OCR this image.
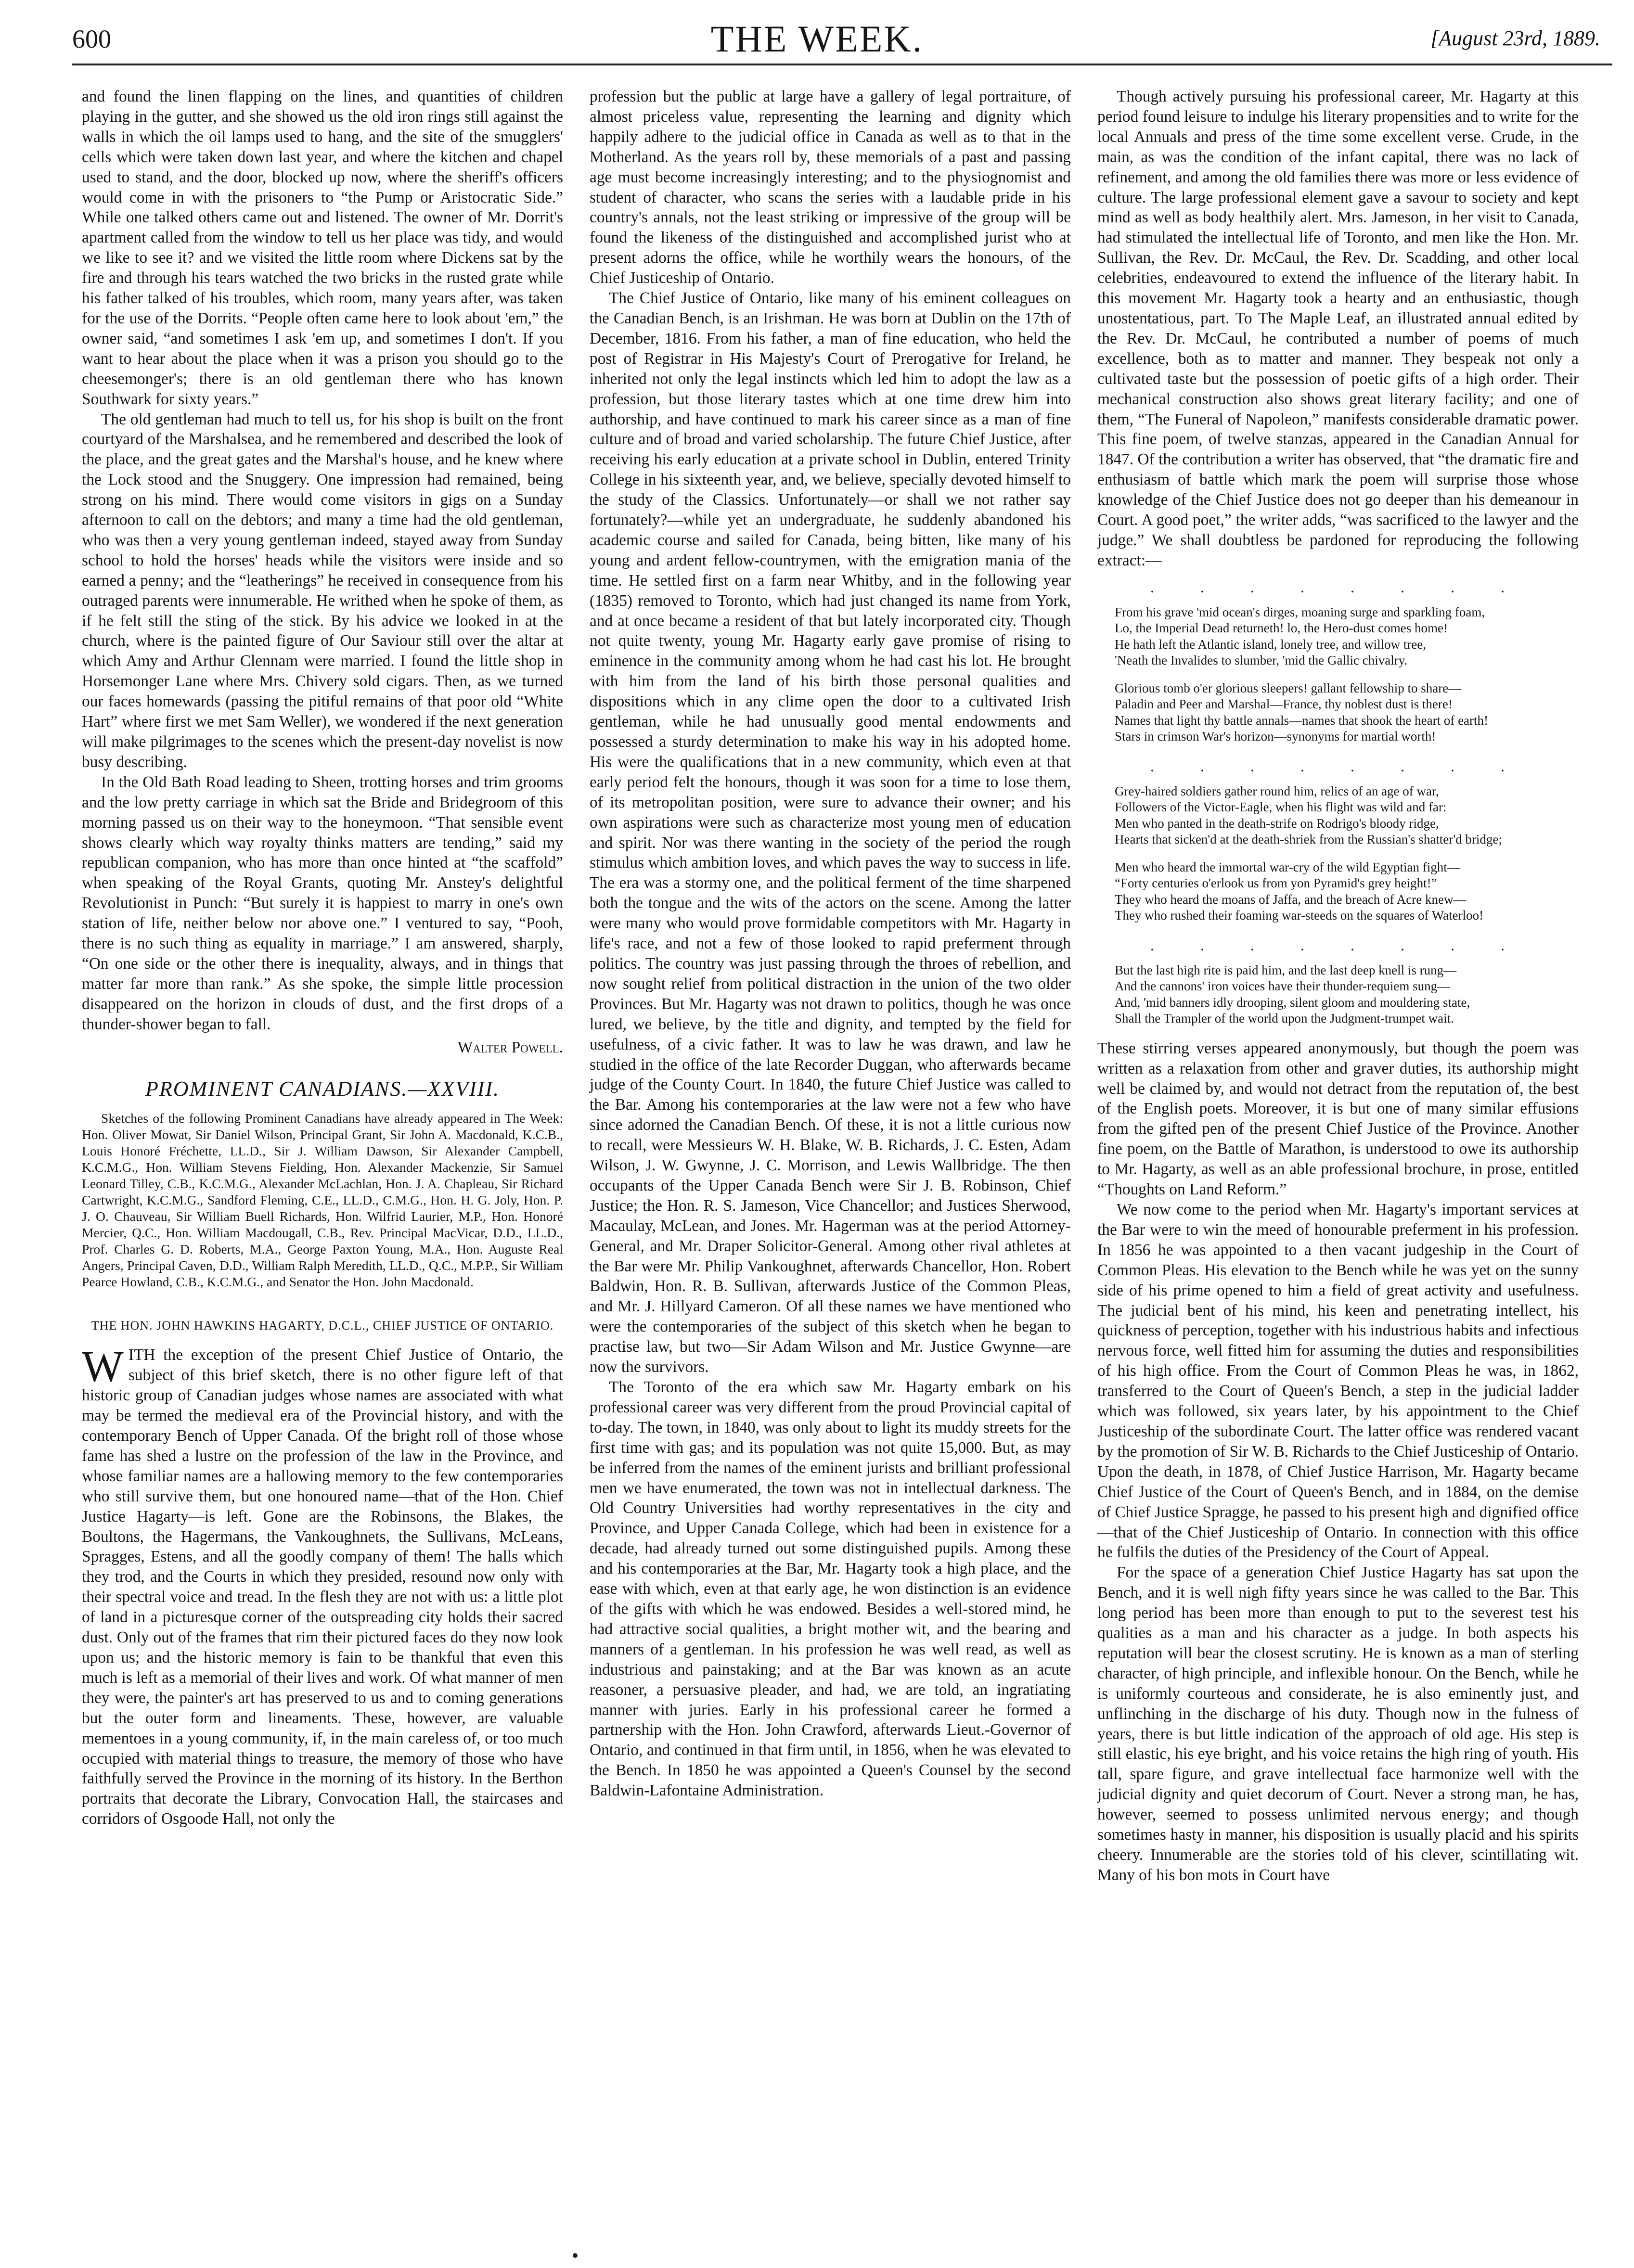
600	THE WEEK.	[August 23rd, 1889.

and found the linen flapping on the lines, and quantities of children playing in the gutter, and she showed us the old iron rings still against the walls in which the oil lamps used to hang, and the site of the smugglers' cells which were taken down last year, and where the kitchen and chapel used to stand, and the door, blocked up now, where the sheriff's officers would come in with the prisoners to “the Pump or Aristocratic Side.” While one talked others came out and listened. The owner of Mr. Dorrit's apartment called from the window to tell us her place was tidy, and would we like to see it? and we visited the little room where Dickens sat by the fire and through his tears watched the two bricks in the rusted grate while his father talked of his troubles, which room, many years after, was taken for the use of the Dorrits. “People often came here to look about 'em,” the owner said, “and sometimes I ask 'em up, and sometimes I don't. If you want to hear about the place when it was a prison you should go to the cheesemonger's; there is an old gentleman there who has known Southwark for sixty years.”

The old gentleman had much to tell us, for his shop is built on the front courtyard of the Marshalsea, and he remembered and described the look of the place, and the great gates and the Marshal's house, and he knew where the Lock stood and the Snuggery. One impression had remained, being strong on his mind. There would come visitors in gigs on a Sunday afternoon to call on the debtors; and many a time had the old gentleman, who was then a very young gentleman indeed, stayed away from Sunday school to hold the horses' heads while the visitors were inside and so earned a penny; and the “leatherings” he received in consequence from his outraged parents were innumerable. He writhed when he spoke of them, as if he felt still the sting of the stick. By his advice we looked in at the church, where is the painted figure of Our Saviour still over the altar at which Amy and Arthur Clennam were married. I found the little shop in Horsemonger Lane where Mrs. Chivery sold cigars. Then, as we turned our faces homewards (passing the pitiful remains of that poor old “White Hart” where first we met Sam Weller), we wondered if the next generation will make pilgrimages to the scenes which the present-day novelist is now busy describing.

In the Old Bath Road leading to Sheen, trotting horses and trim grooms and the low pretty carriage in which sat the Bride and Bridegroom of this morning passed us on their way to the honeymoon. “That sensible event shows clearly which way royalty thinks matters are tending,” said my republican companion, who has more than once hinted at “the scaffold” when speaking of the Royal Grants, quoting Mr. Anstey's delightful Revolutionist in Punch: “But surely it is happiest to marry in one's own station of life, neither below nor above one.” I ventured to say, “Pooh, there is no such thing as equality in marriage.” I am answered, sharply, “On one side or the other there is inequality, always, and in things that matter far more than rank.” As she spoke, the simple little procession disappeared on the horizon in clouds of dust, and the first drops of a thunder-shower began to fall.

Walter Powell.

PROMINENT CANADIANS.—XXVIII.

Sketches of the following Prominent Canadians have already appeared in The Week: Hon. Oliver Mowat, Sir Daniel Wilson, Principal Grant, Sir John A. Macdonald, K.C.B., Louis Honoré Fréchette, LL.D., Sir J. William Dawson, Sir Alexander Campbell, K.C.M.G., Hon. William Stevens Fielding, Hon. Alexander Mackenzie, Sir Samuel Leonard Tilley, C.B., K.C.M.G., Alexander McLachlan, Hon. J. A. Chapleau, Sir Richard Cartwright, K.C.M.G., Sandford Fleming, C.E., LL.D., C.M.G., Hon. H. G. Joly, Hon. P. J. O. Chauveau, Sir William Buell Richards, Hon. Wilfrid Laurier, M.P., Hon. Honoré Mercier, Q.C., Hon. William Macdougall, C.B., Rev. Principal MacVicar, D.D., LL.D., Prof. Charles G. D. Roberts, M.A., George Paxton Young, M.A., Hon. Auguste Real Angers, Principal Caven, D.D., William Ralph Meredith, LL.D., Q.C., M.P.P., Sir William Pearce Howland, C.B., K.C.M.G., and Senator the Hon. John Macdonald.

THE HON. JOHN HAWKINS HAGARTY, D.C.L., CHIEF JUSTICE OF ONTARIO.

WITH the exception of the present Chief Justice of Ontario, the subject of this brief sketch, there is no other figure left of that historic group of Canadian judges whose names are associated with what may be termed the medieval era of the Provincial history, and with the contemporary Bench of Upper Canada. Of the bright roll of those whose fame has shed a lustre on the profession of the law in the Province, and whose familiar names are a hallowing memory to the few contemporaries who still survive them, but one honoured name—that of the Hon. Chief Justice Hagarty—is left. Gone are the Robinsons, the Blakes, the Boultons, the Hagermans, the Vankoughnets, the Sullivans, McLeans, Spragges, Estens, and all the goodly company of them! The halls which they trod, and the Courts in which they presided, resound now only with their spectral voice and tread. In the flesh they are not with us: a little plot of land in a picturesque corner of the outspreading city holds their sacred dust. Only out of the frames that rim their pictured faces do they now look upon us; and the historic memory is fain to be thankful that even this much is left as a memorial of their lives and work. Of what manner of men they were, the painter's art has preserved to us and to coming generations but the outer form and lineaments. These, however, are valuable mementoes in a young community, if, in the main careless of, or too much occupied with material things to treasure, the memory of those who have faithfully served the Province in the morning of its history. In the Berthon portraits that decorate the Library, Convocation Hall, the staircases and corridors of Osgoode Hall, not only the

profession but the public at large have a gallery of legal portraiture, of almost priceless value, representing the learning and dignity which happily adhere to the judicial office in Canada as well as to that in the Motherland. As the years roll by, these memorials of a past and passing age must become increasingly interesting; and to the physiognomist and student of character, who scans the series with a laudable pride in his country's annals, not the least striking or impressive of the group will be found the likeness of the distinguished and accomplished jurist who at present adorns the office, while he worthily wears the honours, of the Chief Justiceship of Ontario.

The Chief Justice of Ontario, like many of his eminent colleagues on the Canadian Bench, is an Irishman. He was born at Dublin on the 17th of December, 1816. From his father, a man of fine education, who held the post of Registrar in His Majesty's Court of Prerogative for Ireland, he inherited not only the legal instincts which led him to adopt the law as a profession, but those literary tastes which at one time drew him into authorship, and have continued to mark his career since as a man of fine culture and of broad and varied scholarship. The future Chief Justice, after receiving his early education at a private school in Dublin, entered Trinity College in his sixteenth year, and, we believe, specially devoted himself to the study of the Classics. Unfortunately—or shall we not rather say fortunately?—while yet an undergraduate, he suddenly abandoned his academic course and sailed for Canada, being bitten, like many of his young and ardent fellow-countrymen, with the emigration mania of the time. He settled first on a farm near Whitby, and in the following year (1835) removed to Toronto, which had just changed its name from York, and at once became a resident of that but lately incorporated city. Though not quite twenty, young Mr. Hagarty early gave promise of rising to eminence in the community among whom he had cast his lot. He brought with him from the land of his birth those personal qualities and dispositions which in any clime open the door to a cultivated Irish gentleman, while he had unusually good mental endowments and possessed a sturdy determination to make his way in his adopted home. His were the qualifications that in a new community, which even at that early period felt the honours, though it was soon for a time to lose them, of its metropolitan position, were sure to advance their owner; and his own aspirations were such as characterize most young men of education and spirit. Nor was there wanting in the society of the period the rough stimulus which ambition loves, and which paves the way to success in life. The era was a stormy one, and the political ferment of the time sharpened both the tongue and the wits of the actors on the scene. Among the latter were many who would prove formidable competitors with Mr. Hagarty in life's race, and not a few of those looked to rapid preferment through politics. The country was just passing through the throes of rebellion, and now sought relief from political distraction in the union of the two older Provinces. But Mr. Hagarty was not drawn to politics, though he was once lured, we believe, by the title and dignity, and tempted by the field for usefulness, of a civic father. It was to law he was drawn, and law he studied in the office of the late Recorder Duggan, who afterwards became judge of the County Court. In 1840, the future Chief Justice was called to the Bar. Among his contemporaries at the law were not a few who have since adorned the Canadian Bench. Of these, it is not a little curious now to recall, were Messieurs W. H. Blake, W. B. Richards, J. C. Esten, Adam Wilson, J. W. Gwynne, J. C. Morrison, and Lewis Wallbridge. The then occupants of the Upper Canada Bench were Sir J. B. Robinson, Chief Justice; the Hon. R. S. Jameson, Vice Chancellor; and Justices Sherwood, Macaulay, McLean, and Jones. Mr. Hagerman was at the period Attorney-General, and Mr. Draper Solicitor-General. Among other rival athletes at the Bar were Mr. Philip Vankoughnet, afterwards Chancellor, Hon. Robert Baldwin, Hon. R. B. Sullivan, afterwards Justice of the Common Pleas, and Mr. J. Hillyard Cameron. Of all these names we have mentioned who were the contemporaries of the subject of this sketch when he began to practise law, but two—Sir Adam Wilson and Mr. Justice Gwynne—are now the survivors.

The Toronto of the era which saw Mr. Hagarty embark on his professional career was very different from the proud Provincial capital of to-day. The town, in 1840, was only about to light its muddy streets for the first time with gas; and its population was not quite 15,000. But, as may be inferred from the names of the eminent jurists and brilliant professional men we have enumerated, the town was not in intellectual darkness. The Old Country Universities had worthy representatives in the city and Province, and Upper Canada College, which had been in existence for a decade, had already turned out some distinguished pupils. Among these and his contemporaries at the Bar, Mr. Hagarty took a high place, and the ease with which, even at that early age, he won distinction is an evidence of the gifts with which he was endowed. Besides a well-stored mind, he had attractive social qualities, a bright mother wit, and the bearing and manners of a gentleman. In his profession he was well read, as well as industrious and painstaking; and at the Bar was known as an acute reasoner, a persuasive pleader, and had, we are told, an ingratiating manner with juries. Early in his professional career he formed a partnership with the Hon. John Crawford, afterwards Lieut.-Governor of Ontario, and continued in that firm until, in 1856, when he was elevated to the Bench. In 1850 he was appointed a Queen's Counsel by the second Baldwin-Lafontaine Administration.

Though actively pursuing his professional career, Mr. Hagarty at this period found leisure to indulge his literary propensities and to write for the local Annuals and press of the time some excellent verse. Crude, in the main, as was the condition of the infant capital, there was no lack of refinement, and among the old families there was more or less evidence of culture. The large professional element gave a savour to society and kept mind as well as body healthily alert. Mrs. Jameson, in her visit to Canada, had stimulated the intellectual life of Toronto, and men like the Hon. Mr. Sullivan, the Rev. Dr. McCaul, the Rev. Dr. Scadding, and other local celebrities, endeavoured to extend the influence of the literary habit. In this movement Mr. Hagarty took a hearty and an enthusiastic, though unostentatious, part. To The Maple Leaf, an illustrated annual edited by the Rev. Dr. McCaul, he contributed a number of poems of much excellence, both as to matter and manner. They bespeak not only a cultivated taste but the possession of poetic gifts of a high order. Their mechanical construction also shows great literary facility; and one of them, “The Funeral of Napoleon,” manifests considerable dramatic power. This fine poem, of twelve stanzas, appeared in the Canadian Annual for 1847. Of the contribution a writer has observed, that “the dramatic fire and enthusiasm of battle which mark the poem will surprise those whose knowledge of the Chief Justice does not go deeper than his demeanour in Court. A good poet,” the writer adds, “was sacrificed to the lawyer and the judge.” We shall doubtless be pardoned for reproducing the following extract:—

. . . . . . . .

From his grave 'mid ocean's dirges, moaning surge and sparkling foam,
Lo, the Imperial Dead returneth! lo, the Hero-dust comes home!
He hath left the Atlantic island, lonely tree, and willow tree,
'Neath the Invalides to slumber, 'mid the Gallic chivalry.
Glorious tomb o'er glorious sleepers! gallant fellowship to share—
Paladin and Peer and Marshal—France, thy noblest dust is there!
Names that light thy battle annals—names that shook the heart of earth!
Stars in crimson War's horizon—synonyms for martial worth!

. . . . . . . .

Grey-haired soldiers gather round him, relics of an age of war,
Followers of the Victor-Eagle, when his flight was wild and far:
Men who panted in the death-strife on Rodrigo's bloody ridge,
Hearts that sicken'd at the death-shriek from the Russian's shatter'd bridge;
Men who heard the immortal war-cry of the wild Egyptian fight—
“Forty centuries o'erlook us from yon Pyramid's grey height!”
They who heard the moans of Jaffa, and the breach of Acre knew—
They who rushed their foaming war-steeds on the squares of Waterloo!

. . . . . . . .

But the last high rite is paid him, and the last deep knell is rung—
And the cannons' iron voices have their thunder-requiem sung—
And, 'mid banners idly drooping, silent gloom and mouldering state,
Shall the Trampler of the world upon the Judgment-trumpet wait.

These stirring verses appeared anonymously, but though the poem was written as a relaxation from other and graver duties, its authorship might well be claimed by, and would not detract from the reputation of, the best of the English poets. Moreover, it is but one of many similar effusions from the gifted pen of the present Chief Justice of the Province. Another fine poem, on the Battle of Marathon, is understood to owe its authorship to Mr. Hagarty, as well as an able professional brochure, in prose, entitled “Thoughts on Land Reform.”

We now come to the period when Mr. Hagarty's important services at the Bar were to win the meed of honourable preferment in his profession. In 1856 he was appointed to a then vacant judgeship in the Court of Common Pleas. His elevation to the Bench while he was yet on the sunny side of his prime opened to him a field of great activity and usefulness. The judicial bent of his mind, his keen and penetrating intellect, his quickness of perception, together with his industrious habits and infectious nervous force, well fitted him for assuming the duties and responsibilities of his high office. From the Court of Common Pleas he was, in 1862, transferred to the Court of Queen's Bench, a step in the judicial ladder which was followed, six years later, by his appointment to the Chief Justiceship of the subordinate Court. The latter office was rendered vacant by the promotion of Sir W. B. Richards to the Chief Justiceship of Ontario. Upon the death, in 1878, of Chief Justice Harrison, Mr. Hagarty became Chief Justice of the Court of Queen's Bench, and in 1884, on the demise of Chief Justice Spragge, he passed to his present high and dignified office—that of the Chief Justiceship of Ontario. In connection with this office he fulfils the duties of the Presidency of the Court of Appeal.

For the space of a generation Chief Justice Hagarty has sat upon the Bench, and it is well nigh fifty years since he was called to the Bar. This long period has been more than enough to put to the severest test his qualities as a man and his character as a judge. In both aspects his reputation will bear the closest scrutiny. He is known as a man of sterling character, of high principle, and inflexible honour. On the Bench, while he is uniformly courteous and considerate, he is also eminently just, and unflinching in the discharge of his duty. Though now in the fulness of years, there is but little indication of the approach of old age. His step is still elastic, his eye bright, and his voice retains the high ring of youth. His tall, spare figure, and grave intellectual face harmonize well with the judicial dignity and quiet decorum of Court. Never a strong man, he has, however, seemed to possess unlimited nervous energy; and though sometimes hasty in manner, his disposition is usually placid and his spirits cheery. Innumerable are the stories told of his clever, scintillating wit. Many of his bon mots in Court have
